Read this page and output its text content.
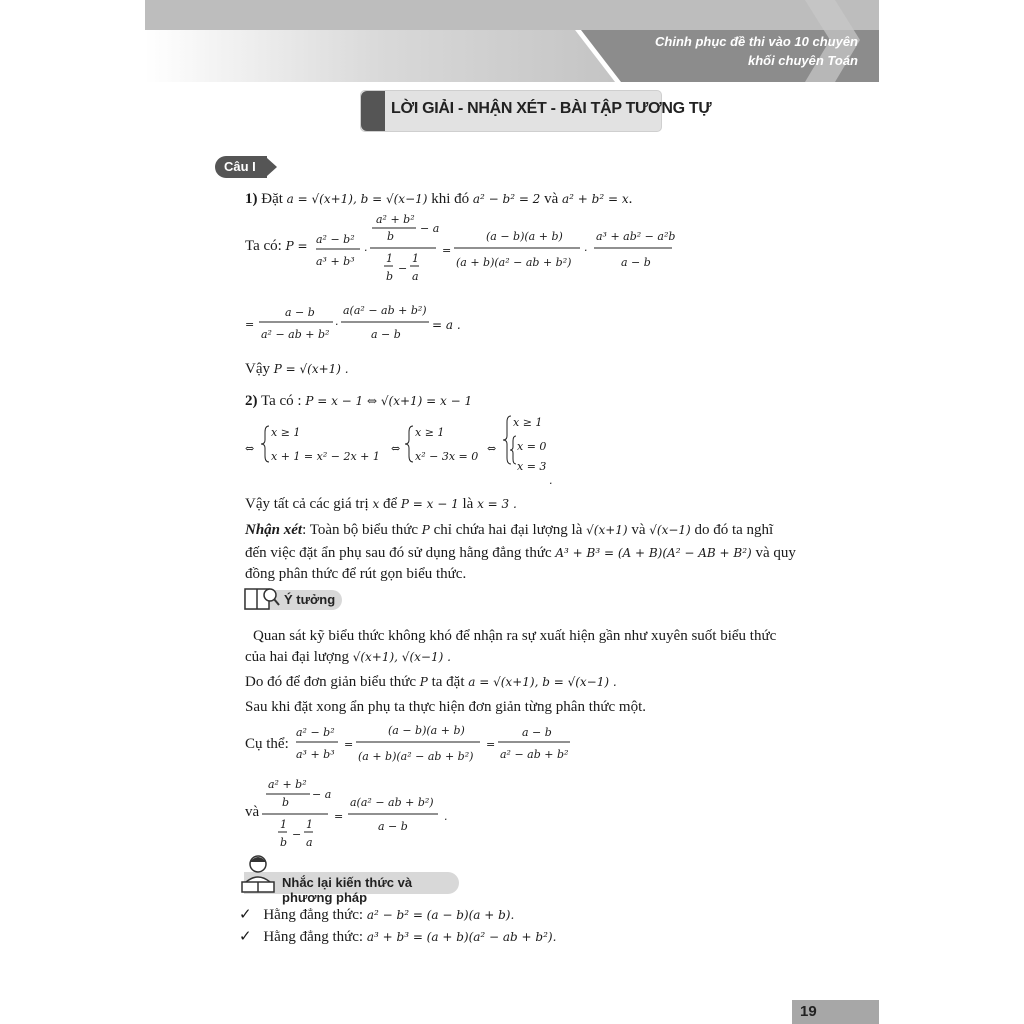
Chinh phục đề thi vào 10 chuyên
khối chuyên Toán
LỜI GIẢI - NHẬN XÉT - BÀI TẬP TƯƠNG TỰ
Câu I
1) Đặt a = √(x+1), b = √(x−1) khi đó a² − b² = 2 và a² + b² = x.
Ta có: P = a² − b²
a³ + b³
·
a² + b²
b
− a
1
b
−
1
a
=
(a − b)(a + b)
(a + b)(a² − ab + b²)
·
a³ + ab² − a²b
a − b
=
a − b
a² − ab + b²
·
a(a² − ab + b²)
a − b
= a .
Vậy P = √(x+1) .
2) Ta có : P = x − 1 ⇔ √(x+1) = x − 1
⇔
x ≥ 1
x + 1 = x² − 2x + 1
⇔
x ≥ 1
x² − 3x = 0
⇔
x ≥ 1
x = 0
x = 3
.
Vậy tất cả các giá trị x để P = x − 1 là x = 3 .
Nhận xét: Toàn bộ biểu thức P chỉ chứa hai đại lượng là √(x+1) và √(x−1) do đó ta nghĩ
đến việc đặt ẩn phụ sau đó sử dụng hằng đẳng thức A³ + B³ = (A + B)(A² − AB + B²) và quy
đồng phân thức để rút gọn biểu thức.
Ý tưởng
Quan sát kỹ biểu thức không khó để nhận ra sự xuất hiện gần như xuyên suốt biểu thức
của hai đại lượng √(x+1), √(x−1) .
Do đó để đơn giản biểu thức P ta đặt a = √(x+1), b = √(x−1) .
Sau khi đặt xong ẩn phụ ta thực hiện đơn giản từng phân thức một.
Cụ thể:
a² − b²
a³ + b³
=
(a − b)(a + b)
(a + b)(a² − ab + b²)
=
a − b
a² − ab + b²
và
a² + b²
b
− a
1
b
−
1
a
=
a(a² − ab + b²)
a − b
.
Nhắc lại kiến thức và phương pháp
✓ Hằng đẳng thức: a² − b² = (a − b)(a + b).
✓ Hằng đẳng thức: a³ + b³ = (a + b)(a² − ab + b²).
19
